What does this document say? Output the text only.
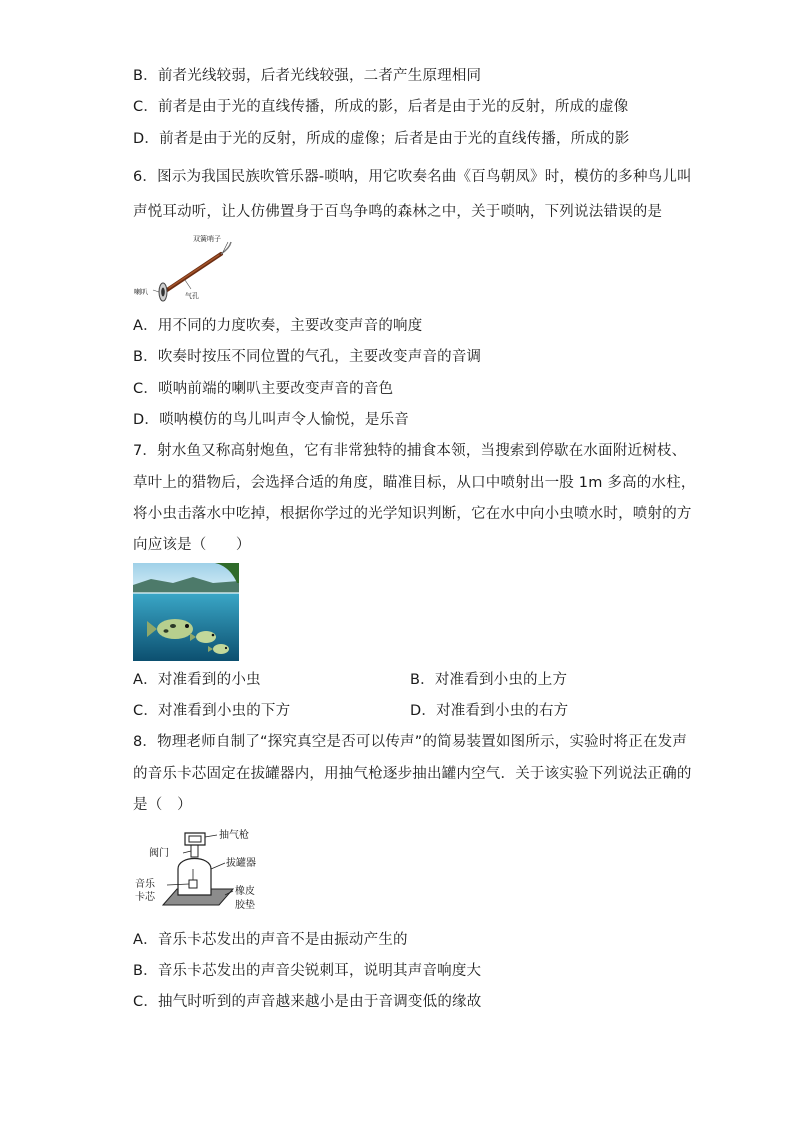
B．前者光线较弱，后者光线较强，二者产生原理相同
C．前者是由于光的直线传播，所成的影，后者是由于光的反射，所成的虚像
D．前者是由于光的反射，所成的虚像；后者是由于光的直线传播，所成的影
6．图示为我国民族吹管乐器-唢呐，用它吹奏名曲《百鸟朝凤》时，模仿的多种鸟儿叫
声悦耳动听，让人仿佛置身于百鸟争鸣的森林之中，关于唢呐，下列说法错误的是
双簧哨子
喇叭	气孔
A．用不同的力度吹奏，主要改变声音的响度
B．吹奏时按压不同位置的气孔，主要改变声音的音调
C．唢呐前端的喇叭主要改变声音的音色
D．唢呐模仿的鸟儿叫声令人愉悦，是乐音
7．射水鱼又称高射炮鱼，它有非常独特的捕食本领，当搜索到停歇在水面附近树枝、
草叶上的猎物后，会选择合适的角度，瞄准目标，从口中喷射出一股 1m 多高的水柱，
将小虫击落水中吃掉，根据你学过的光学知识判断，它在水中向小虫喷水时，喷射的方
向应该是（　　）
A．对准看到的小虫	B．对准看到小虫的上方
C．对准看到小虫的下方	D．对准看到小虫的右方
8．物理老师自制了“探究真空是否可以传声”的简易装置如图所示，实验时将正在发声
的音乐卡芯固定在拔罐器内，用抽气枪逐步抽出罐内空气．关于该实验下列说法正确的
是（　）
抽气枪
阀门
拔罐器
音乐
卡芯
橡皮
胶垫
A．音乐卡芯发出的声音不是由振动产生的
B．音乐卡芯发出的声音尖锐刺耳，说明其声音响度大
C．抽气时听到的声音越来越小是由于音调变低的缘故
